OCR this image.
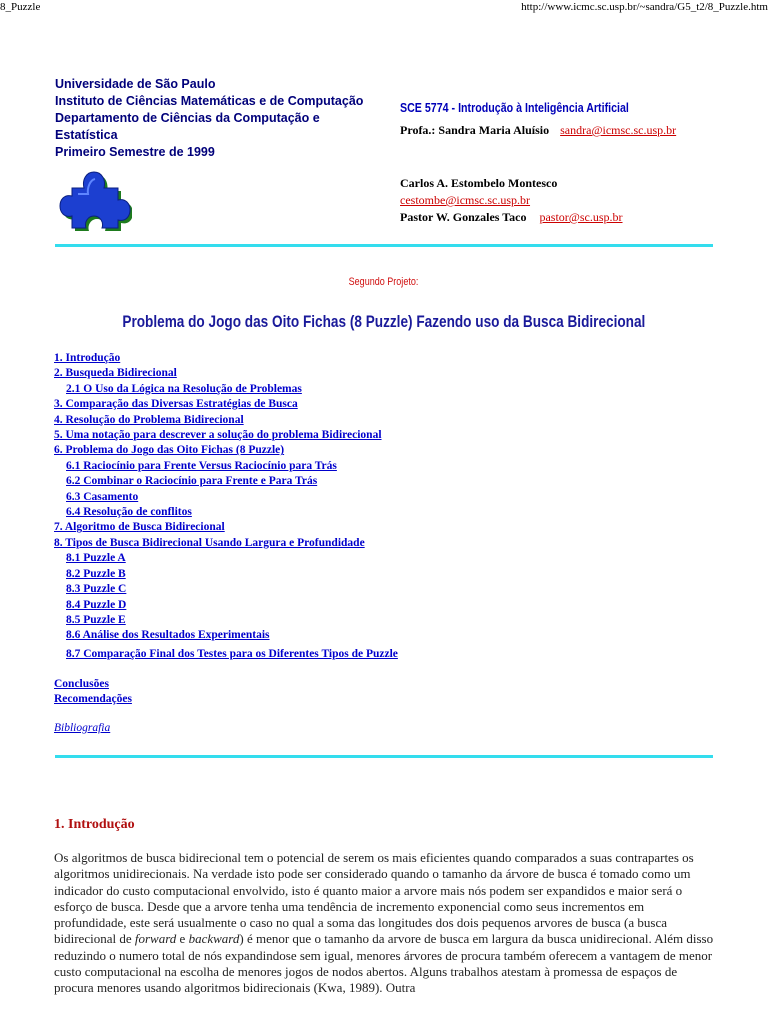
8_Puzzle	http://www.icmc.sc.usp.br/~sandra/G5_t2/8_Puzzle.htm
Universidade de São Paulo
Instituto de Ciências Matemáticas e de Computação
Departamento de Ciências da Computação e
Estatística
Primeiro Semestre de 1999
SCE 5774 - Introdução à Inteligência Artificial
Profa.: Sandra Maria Aluísio sandra@icmsc.sc.usp.br
Carlos A. Estombelo Montesco
cestombe@icmsc.sc.usp.br
Pastor W. Gonzales Taco pastor@sc.usp.br
Segundo Projeto:
Problema do Jogo das Oito Fichas (8 Puzzle) Fazendo uso da Busca Bidirecional
1. Introdução
2. Busqueda Bidirecional
2.1 O Uso da Lógica na Resolução de Problemas
3. Comparação das Diversas Estratégias de Busca
4. Resolução do Problema Bidirecional
5. Uma notação para descrever a solução do problema Bidirecional
6. Problema do Jogo das Oito Fichas (8 Puzzle)
6.1 Raciocínio para Frente Versus Raciocínio para Trás
6.2 Combinar o Raciocínio para Frente e Para Trás
6.3 Casamento
6.4 Resolução de conflitos
7. Algoritmo de Busca Bidirecional
8. Tipos de Busca Bidirecional Usando Largura e Profundidade
8.1 Puzzle A
8.2 Puzzle B
8.3 Puzzle C
8.4 Puzzle D
8.5 Puzzle E
8.6 Análise dos Resultados Experimentais
8.7 Comparação Final dos Testes para os Diferentes Tipos de Puzzle
Conclusões
Recomendações
Bibliografia
1. Introdução

Os algoritmos de busca bidirecional tem o potencial de serem os mais eficientes quando comparados a suas contrapartes os algoritmos unidirecionais. Na verdade isto pode ser considerado quando o tamanho da árvore de busca é tomado como um indicador do custo computacional envolvido, isto é quanto maior a arvore mais nós podem ser expandidos e maior será o esforço de busca. Desde que a arvore tenha uma tendência de incremento exponencial como seus incrementos em profundidade, este será usualmente o caso no qual a soma das longitudes dos dois pequenos arvores de busca (a busca bidirecional de forward e backward) é menor que o tamanho da arvore de busca em largura da busca unidirecional. Além disso reduzindo o numero total de nós expandindose sem igual, menores árvores de procura também oferecem a vantagem de menor custo computacional na escolha de menores jogos de nodos abertos. Alguns trabalhos atestam à promessa de espaços de procura menores usando algoritmos bidirecionais (Kwa, 1989). Outra
